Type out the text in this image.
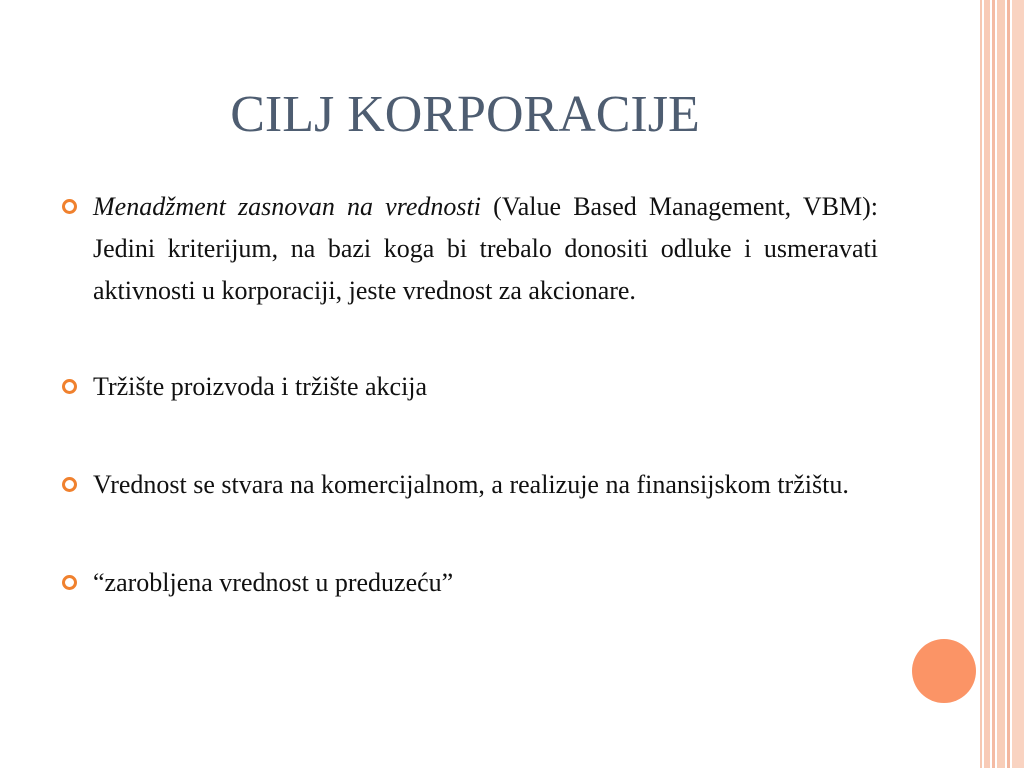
CILJ KORPORACIJE
Menadžment zasnovan na vrednosti (Value Based Management, VBM): Jedini kriterijum, na bazi koga bi trebalo donositi odluke i usmeravati aktivnosti u korporaciji, jeste vrednost za akcionare.
Tržište proizvoda i tržište akcija
Vrednost se stvara na komercijalnom, a realizuje na finansijskom tržištu.
“zarobljena vrednost u preduzeću”
